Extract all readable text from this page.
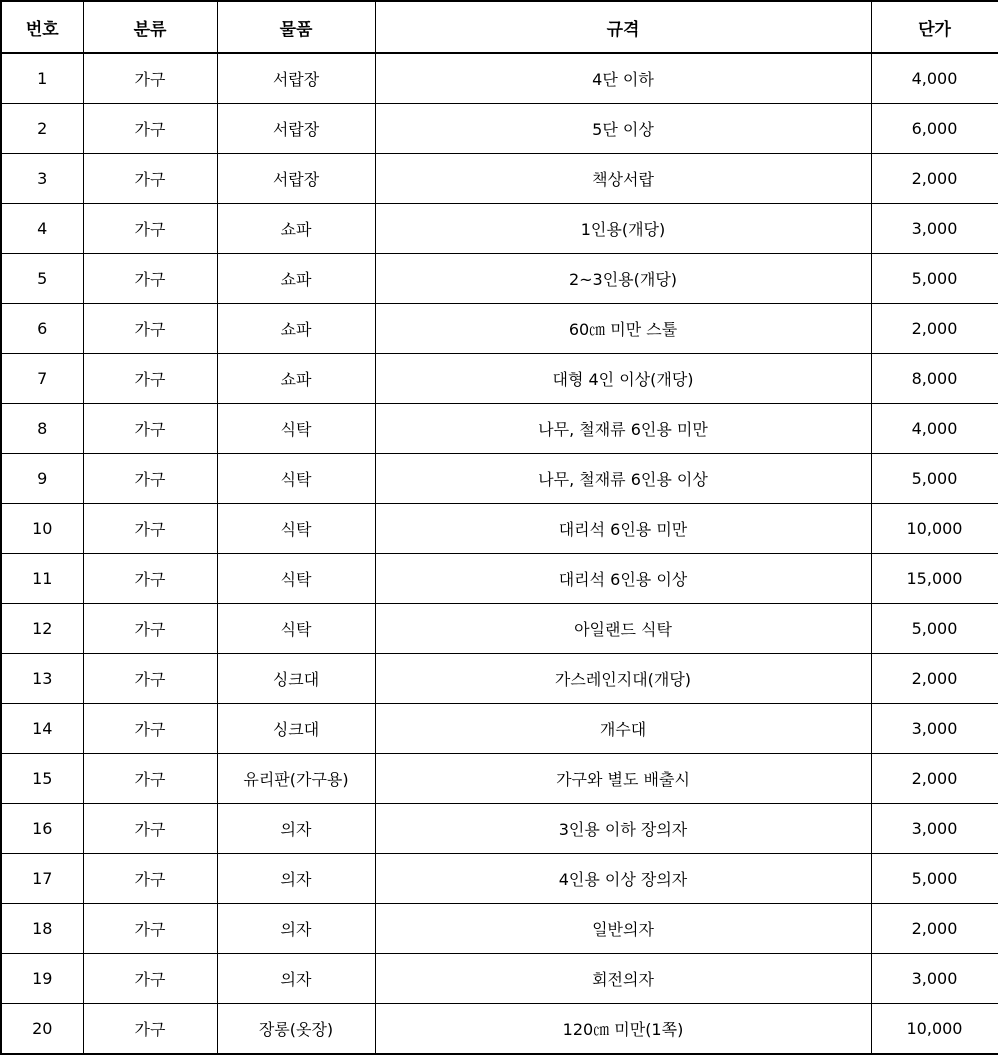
번호	분류	물품	규격	단가
1	가구	서랍장	4단 이하	4,000
2	가구	서랍장	5단 이상	6,000
3	가구	서랍장	책상서랍	2,000
4	가구	쇼파	1인용(개당)	3,000
5	가구	쇼파	2~3인용(개당)	5,000
6	가구	쇼파	60㎝ 미만 스툴	2,000
7	가구	쇼파	대형 4인 이상(개당)	8,000
8	가구	식탁	나무, 철재류 6인용 미만	4,000
9	가구	식탁	나무, 철재류 6인용 이상	5,000
10	가구	식탁	대리석 6인용 미만	10,000
11	가구	식탁	대리석 6인용 이상	15,000
12	가구	식탁	아일랜드 식탁	5,000
13	가구	싱크대	가스레인지대(개당)	2,000
14	가구	싱크대	개수대	3,000
15	가구	유리판(가구용)	가구와 별도 배출시	2,000
16	가구	의자	3인용 이하 장의자	3,000
17	가구	의자	4인용 이상 장의자	5,000
18	가구	의자	일반의자	2,000
19	가구	의자	회전의자	3,000
20	가구	장롱(옷장)	120㎝ 미만(1쪽)	10,000
